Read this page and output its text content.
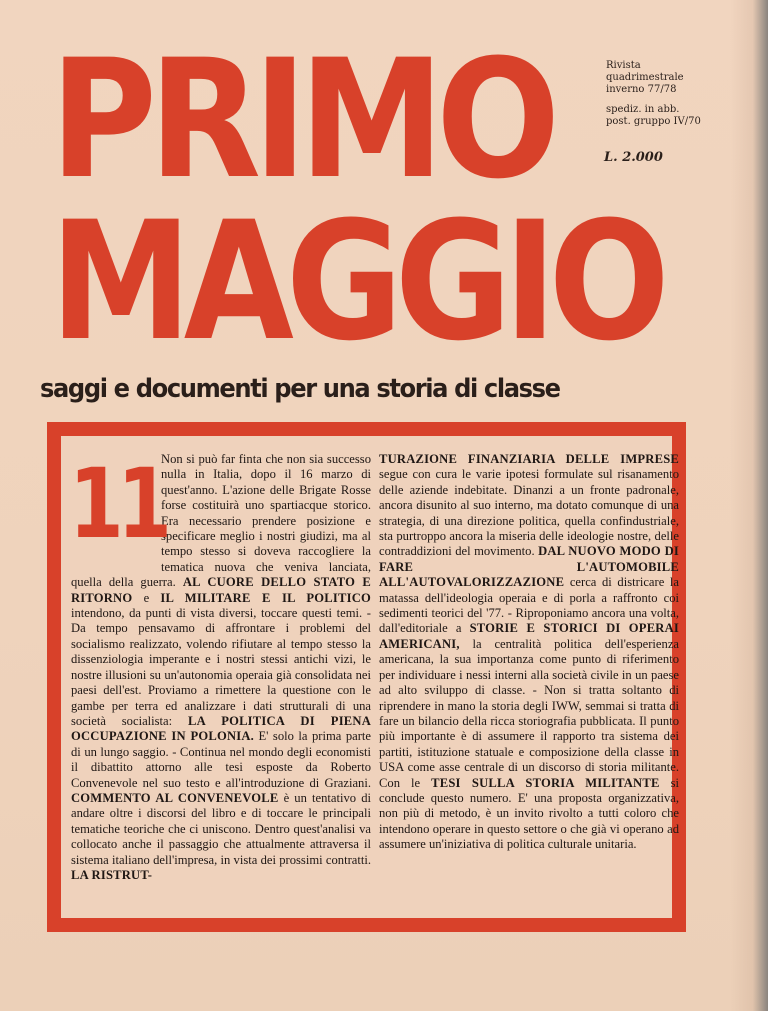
PRIMO
MAGGIO
Rivista
quadrimestrale
inverno 77/78
spediz. in abb.
post. gruppo IV/70
L. 2.000
saggi e documenti per una storia di classe
11

Non si può far finta che non sia successo nulla in Italia, dopo il 16 marzo di quest'anno. L'azione delle Brigate Rosse forse costituirà uno spartiacque storico. Era necessario prendere posizione e specificare meglio i nostri giudizi, ma al tempo stesso si doveva raccogliere la tematica nuova che veniva lanciata, quella della guerra. AL CUORE DELLO STATO E RITORNO e IL MILITARE E IL POLITICO intendono, da punti di vista diversi, toccare questi temi. - Da tempo pensavamo di affrontare i problemi del socialismo realizzato, volendo rifiutare al tempo stesso la dissenziologia imperante e i nostri stessi antichi vizi, le nostre illusioni su un'autonomia operaia già consolidata nei paesi dell'est. Proviamo a rimettere la questione con le gambe per terra ed analizzare i dati strutturali di una società socialista: LA POLITICA DI PIENA OCCUPAZIONE IN POLONIA. E' solo la prima parte di un lungo saggio. - Continua nel mondo degli economisti il dibattito attorno alle tesi esposte da Roberto Convenevole nel suo testo e all'introduzione di Graziani. COMMENTO AL CONVENEVOLE è un tentativo di andare oltre i discorsi del libro e di toccare le principali tematiche teoriche che ci uniscono. Dentro quest'analisi va collocato anche il passaggio che attualmente attraversa il sistema italiano dell'impresa, in vista dei prossimi contratti. LA RISTRUT-

TURAZIONE FINANZIARIA DELLE IMPRESE segue con cura le varie ipotesi formulate sul risanamento delle aziende indebitate. Dinanzi a un fronte padronale, ancora disunito al suo interno, ma dotato comunque di una strategia, di una direzione politica, quella confindustriale, sta purtroppo ancora la miseria delle ideologie nostre, delle contraddizioni del movimento. DAL NUOVO MODO DI FARE L'AUTOMOBILE ALL'AUTOVALORIZZAZIONE cerca di districare la matassa dell'ideologia operaia e di porla a raffronto coi sedimenti teorici del '77. - Riproponiamo ancora una volta, dall'editoriale a STORIE E STORICI DI OPERAI AMERICANI, la centralità politica dell'esperienza americana, la sua importanza come punto di riferimento per individuare i nessi interni alla società civile in un paese ad alto sviluppo di classe. - Non si tratta soltanto di riprendere in mano la storia degli IWW, semmai si tratta di fare un bilancio della ricca storiografia pubblicata. Il punto più importante è di assumere il rapporto tra sistema dei partiti, istituzione statuale e composizione della classe in USA come asse centrale di un discorso di storia militante. Con le TESI SULLA STORIA MILITANTE si conclude questo numero. E' una proposta organizzativa, non più di metodo, è un invito rivolto a tutti coloro che intendono operare in questo settore o che già vi operano ad assumere un'iniziativa di politica culturale unitaria.
